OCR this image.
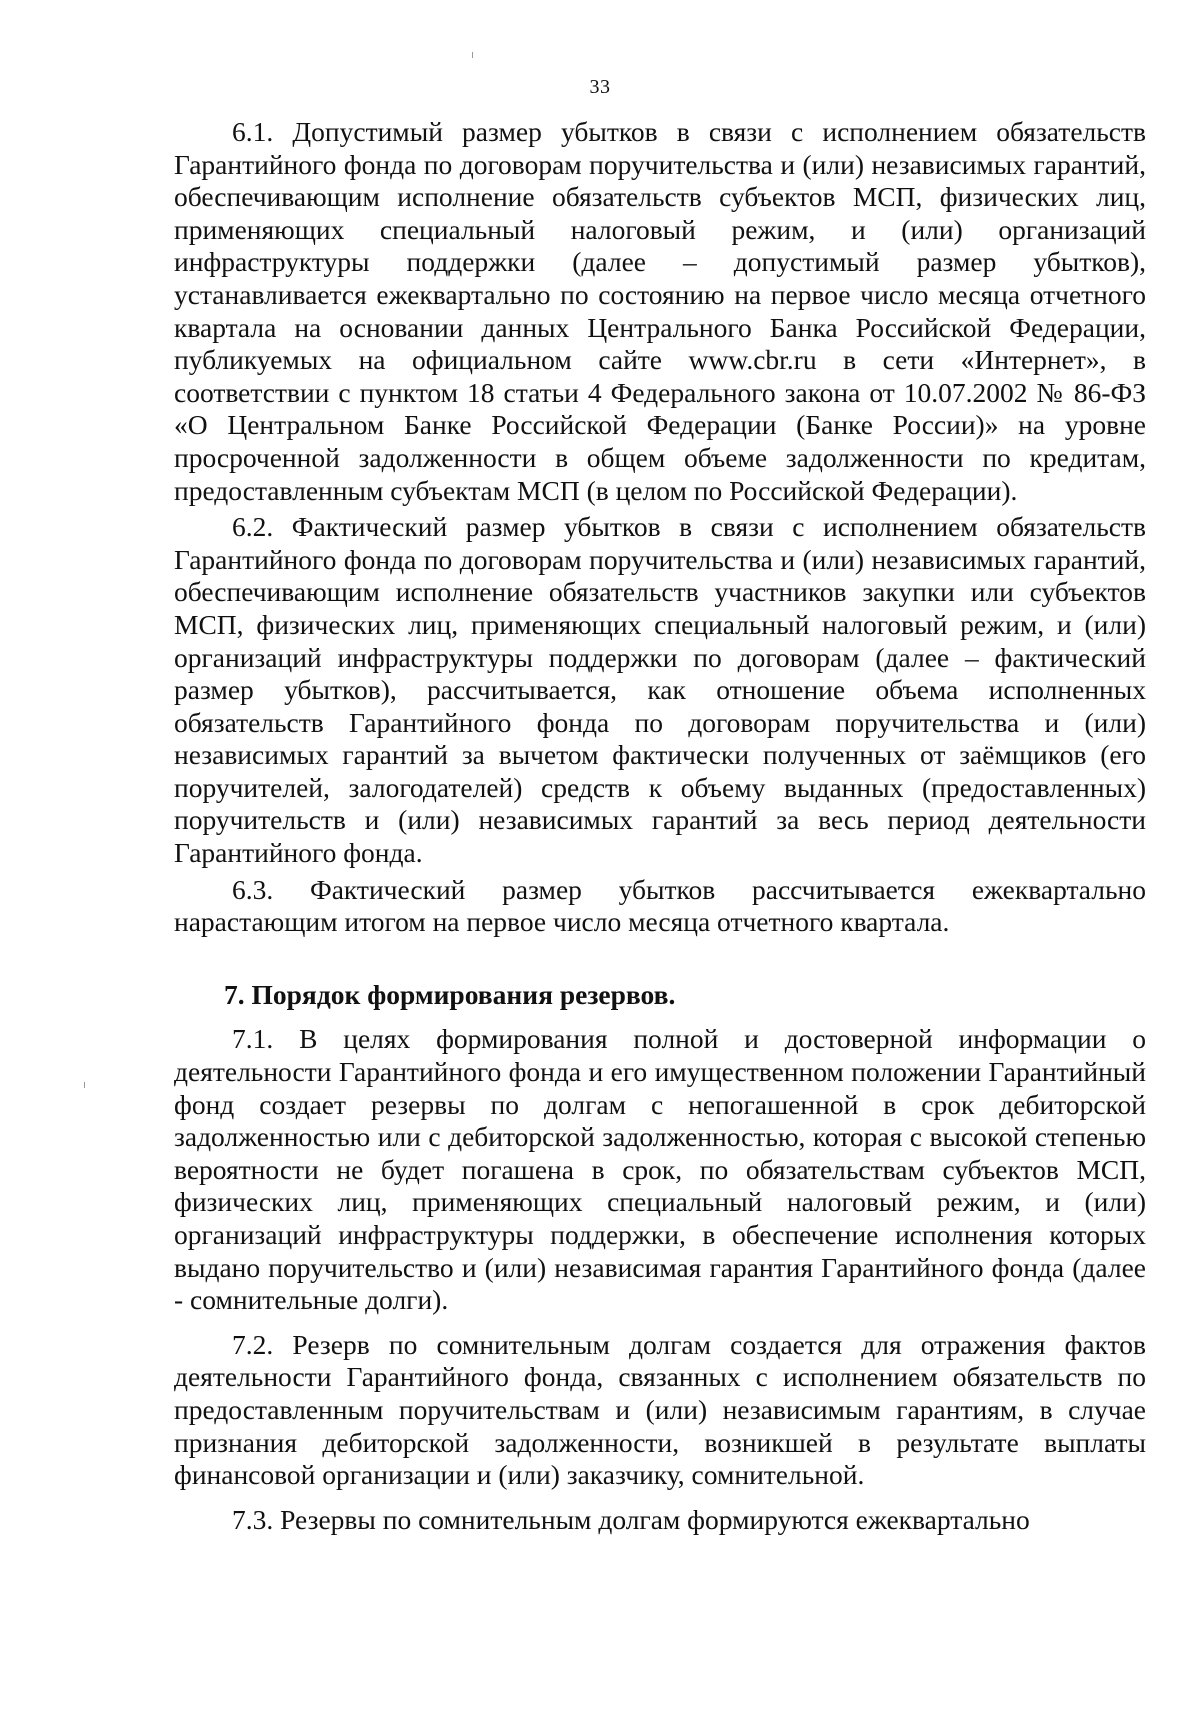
33

6.1. Допустимый размер убытков в связи с исполнением обязательств Гарантийного фонда по договорам поручительства и (или) независимых гарантий, обеспечивающим исполнение обязательств субъектов МСП, физических лиц, применяющих специальный налоговый режим, и (или) организаций инфраструктуры поддержки (далее – допустимый размер убытков), устанавливается ежеквартально по состоянию на первое число месяца отчетного квартала на основании данных Центрального Банка Российской Федерации, публикуемых на официальном сайте www.cbr.ru в сети «Интернет», в соответствии с пунктом 18 статьи 4 Федерального закона от 10.07.2002 № 86-ФЗ «О Центральном Банке Российской Федерации (Банке России)» на уровне просроченной задолженности в общем объеме задолженности по кредитам, предоставленным субъектам МСП (в целом по Российской Федерации).

6.2. Фактический размер убытков в связи с исполнением обязательств Гарантийного фонда по договорам поручительства и (или) независимых гарантий, обеспечивающим исполнение обязательств участников закупки или субъектов МСП, физических лиц, применяющих специальный налоговый режим, и (или) организаций инфраструктуры поддержки по договорам (далее – фактический размер убытков), рассчитывается, как отношение объема исполненных обязательств Гарантийного фонда по договорам поручительства и (или) независимых гарантий за вычетом фактически полученных от заёмщиков (его поручителей, залогодателей) средств к объему выданных (предоставленных) поручительств и (или) независимых гарантий за весь период деятельности Гарантийного фонда.

6.3. Фактический размер убытков рассчитывается ежеквартально нарастающим итогом на первое число месяца отчетного квартала.

7. Порядок формирования резервов.

7.1. В целях формирования полной и достоверной информации о деятельности Гарантийного фонда и его имущественном положении Гарантийный фонд создает резервы по долгам с непогашенной в срок дебиторской задолженностью или с дебиторской задолженностью, которая с высокой степенью вероятности не будет погашена в срок, по обязательствам субъектов МСП, физических лиц, применяющих специальный налоговый режим, и (или) организаций инфраструктуры поддержки, в обеспечение исполнения которых выдано поручительство и (или) независимая гарантия Гарантийного фонда (далее - сомнительные долги).

7.2. Резерв по сомнительным долгам создается для отражения фактов деятельности Гарантийного фонда, связанных с исполнением обязательств по предоставленным поручительствам и (или) независимым гарантиям, в случае признания дебиторской задолженности, возникшей в результате выплаты финансовой организации и (или) заказчику, сомнительной.

7.3. Резервы по сомнительным долгам формируются ежеквартально
